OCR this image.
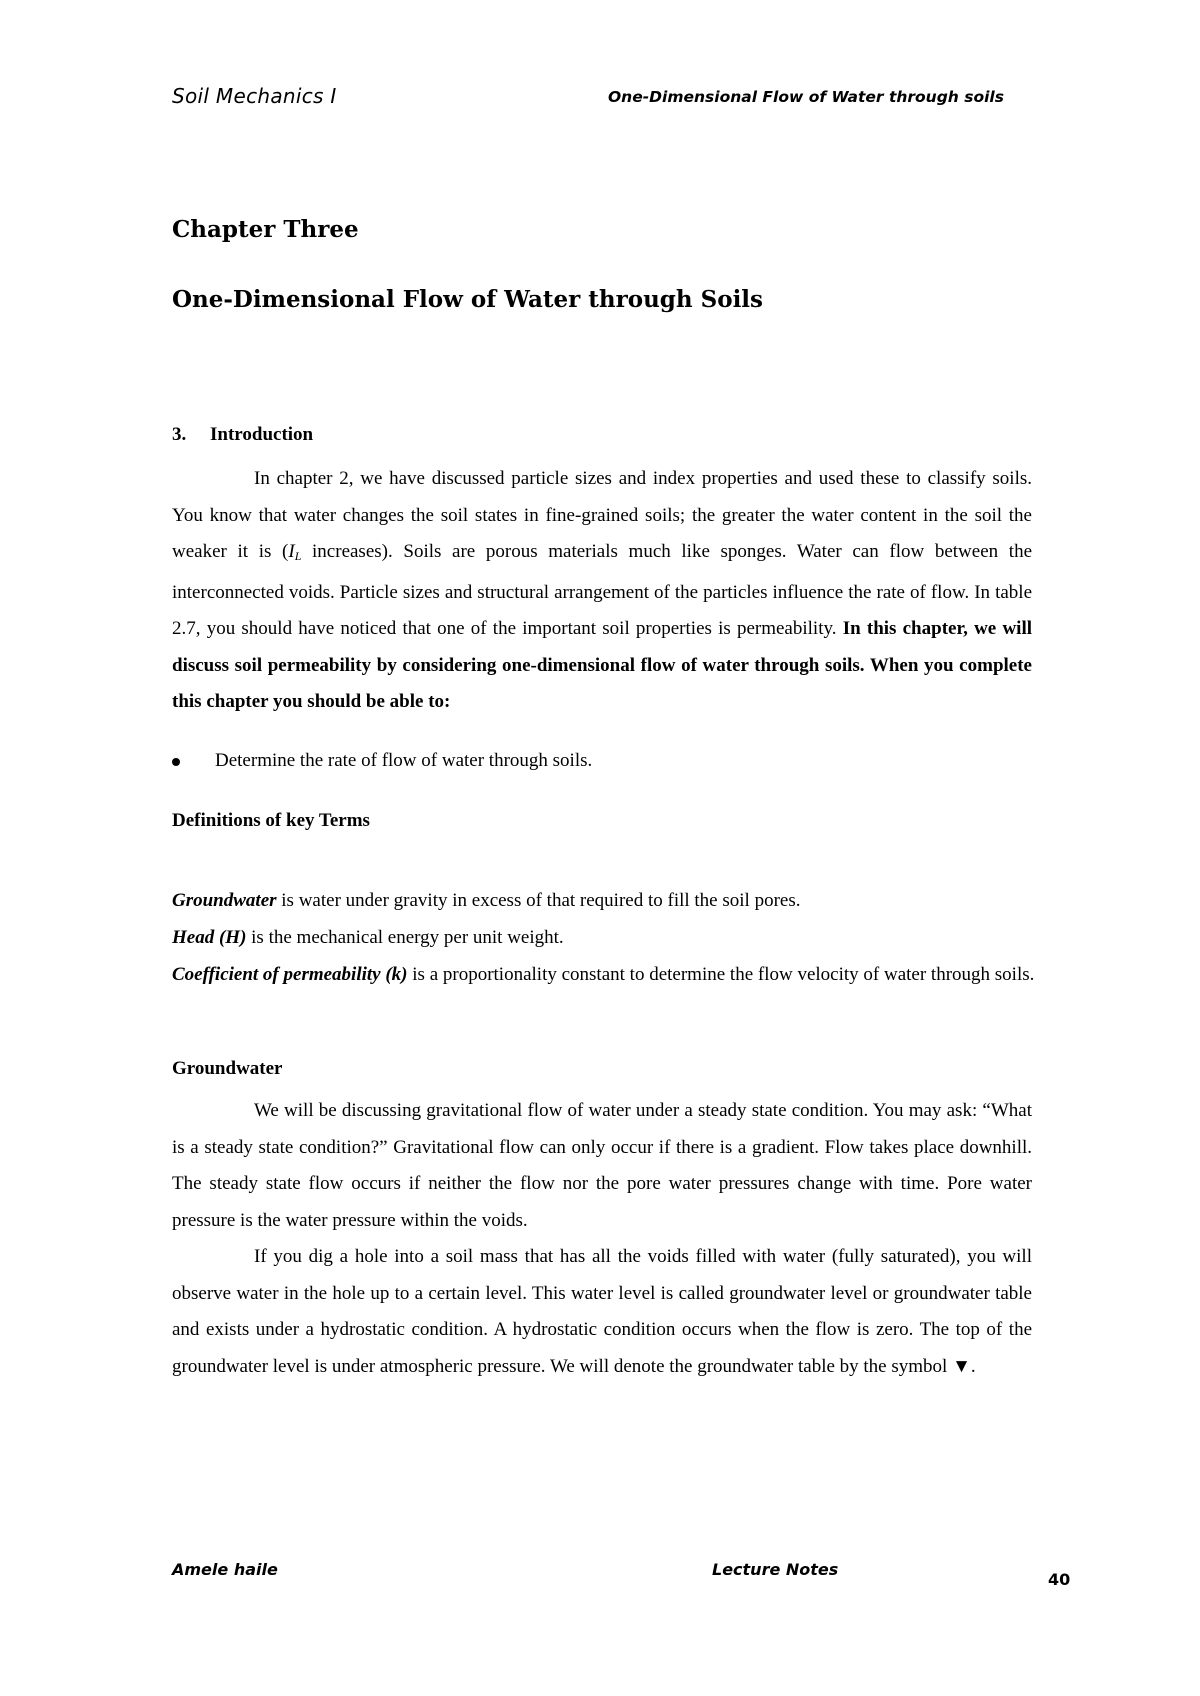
Soil Mechanics I	One-Dimensional Flow of Water through soils
Chapter Three
One-Dimensional Flow of Water through Soils
3. Introduction
In chapter 2, we have discussed particle sizes and index properties and used these to classify soils. You know that water changes the soil states in fine-grained soils; the greater the water content in the soil the weaker it is ($I_L$ increases). Soils are porous materials much like sponges. Water can flow between the interconnected voids. Particle sizes and structural arrangement of the particles influence the rate of flow. In table 2.7, you should have noticed that one of the important soil properties is permeability. In this chapter, we will discuss soil permeability by considering one-dimensional flow of water through soils. When you complete this chapter you should be able to:
Determine the rate of flow of water through soils.
Definitions of key Terms
Groundwater is water under gravity in excess of that required to fill the soil pores.
Head (H) is the mechanical energy per unit weight.
Coefficient of permeability (k) is a proportionality constant to determine the flow velocity of water through soils.
Groundwater
We will be discussing gravitational flow of water under a steady state condition. You may ask: “What is a steady state condition?” Gravitational flow can only occur if there is a gradient. Flow takes place downhill. The steady state flow occurs if neither the flow nor the pore water pressures change with time. Pore water pressure is the water pressure within the voids.
If you dig a hole into a soil mass that has all the voids filled with water (fully saturated), you will observe water in the hole up to a certain level. This water level is called groundwater level or groundwater table and exists under a hydrostatic condition. A hydrostatic condition occurs when the flow is zero. The top of the groundwater level is under atmospheric pressure. We will denote the groundwater table by the symbol ▼.
Amele haile	Lecture Notes
40
